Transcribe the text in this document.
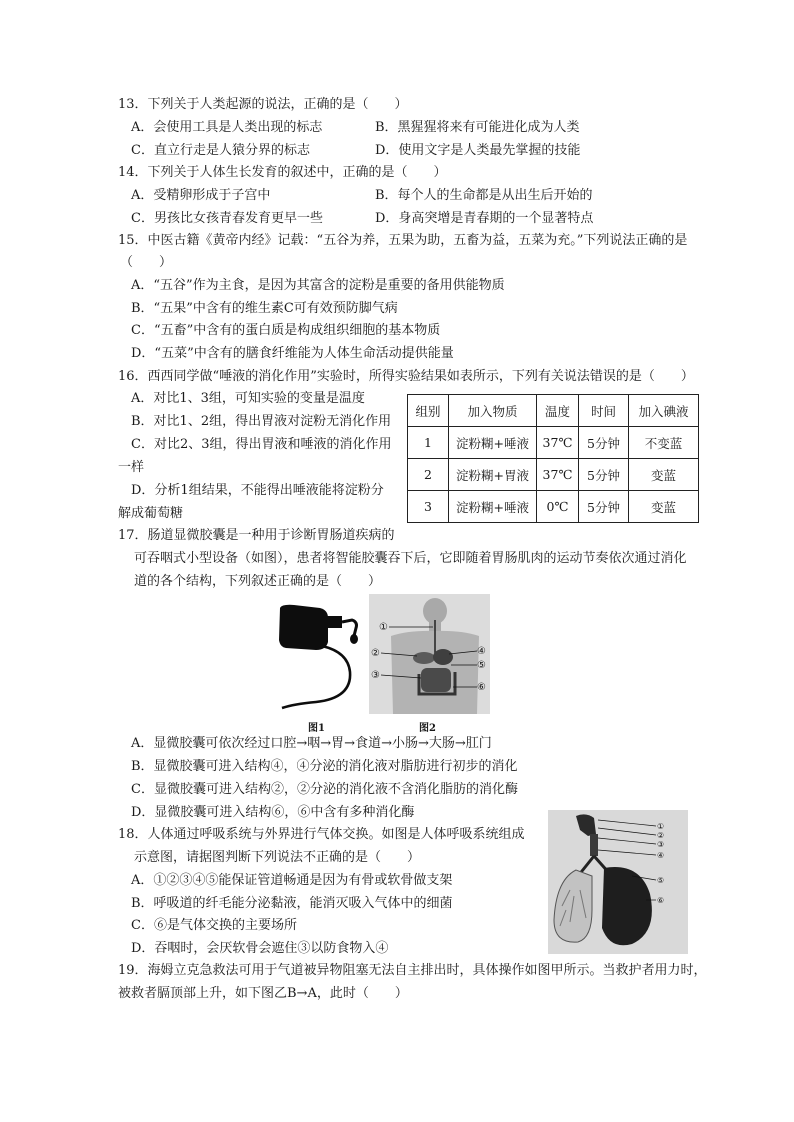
13．下列关于人类起源的说法，正确的是（　　）
A．会使用工具是人类出现的标志	B．黑猩猩将来有可能进化成为人类
C．直立行走是人猿分界的标志	D．使用文字是人类最先掌握的技能
14．下列关于人体生长发育的叙述中，正确的是（　　）
A．受精卵形成于子宫中	B．每个人的生命都是从出生后开始的
C．男孩比女孩青春发育更早一些	D．身高突增是青春期的一个显著特点
15．中医古籍《黄帝内经》记载：“五谷为养，五果为助，五畜为益，五菜为充。”下列说法正确的是
（　　）
A．“五谷”作为主食，是因为其富含的淀粉是重要的备用供能物质
B．“五果”中含有的维生素C可有效预防脚气病
C．“五畜”中含有的蛋白质是构成组织细胞的基本物质
D．“五菜”中含有的膳食纤维能为人体生命活动提供能量
16．西西同学做“唾液的消化作用”实验时，所得实验结果如表所示，下列有关说法错误的是（　　）
A．对比1、3组，可知实验的变量是温度
B．对比1、2组，得出胃液对淀粉无消化作用
C．对比2、3组，得出胃液和唾液的消化作用
一样
D．分析1组结果，不能得出唾液能将淀粉分
解成葡萄糖
组别	加入物质	温度	时间	加入碘液
1	淀粉糊+唾液	37℃	5分钟	不变蓝
2	淀粉糊+胃液	37℃	5分钟	变蓝
3	淀粉糊+唾液	0℃	5分钟	变蓝
17．肠道显微胶囊是一种用于诊断胃肠道疾病的
可吞咽式小型设备（如图），患者将智能胶囊吞下后，它即随着胃肠肌肉的运动节奏依次通过消化
道的各个结构，下列叙述正确的是（　　）
图1
①
②
③
④
⑤
⑥
图2
A．显微胶囊可依次经过口腔→咽→胃→食道→小肠→大肠→肛门
B．显微胶囊可进入结构④，④分泌的消化液对脂肪进行初步的消化
C．显微胶囊可进入结构②，②分泌的消化液不含消化脂肪的消化酶
D．显微胶囊可进入结构⑥，⑥中含有多种消化酶
18．人体通过呼吸系统与外界进行气体交换。如图是人体呼吸系统组成
示意图，请据图判断下列说法不正确的是（　　）
A．①②③④⑤能保证管道畅通是因为有骨或软骨做支架
B．呼吸道的纤毛能分泌黏液，能消灭吸入气体中的细菌
C．⑥是气体交换的主要场所
D．吞咽时，会厌软骨会遮住③以防食物入④
①
②
③
④
⑤
⑥
19．海姆立克急救法可用于气道被异物阻塞无法自主排出时，具体操作如图甲所示。当救护者用力时，
被救者膈顶部上升，如下图乙B→A，此时（　　）
